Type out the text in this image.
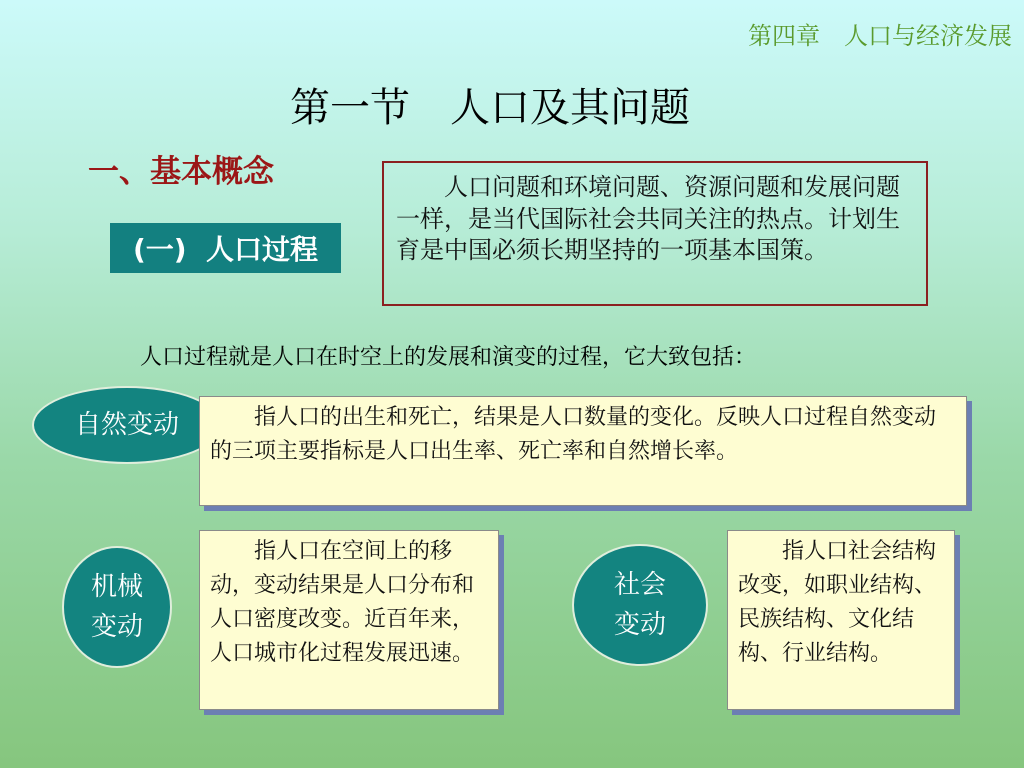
第四章　人口与经济发展
第一节　人口及其问题
一、基本概念
(一)  人口过程
人口问题和环境问题、资源问题和发展问题一样，是当代国际社会共同关注的热点。计划生育是中国必须长期坚持的一项基本国策。
人口过程就是人口在时空上的发展和演变的过程，它大致包括：
自然变动	指人口的出生和死亡，结果是人口数量的变化。反映人口过程自然变动的三项主要指标是人口出生率、死亡率和自然增长率。
机械
变动
指人口在空间上的移动，变动结果是人口分布和人口密度改变。近百年来，人口城市化过程发展迅速。
社会
变动
指人口社会结构改变，如职业结构、民族结构、文化结构、行业结构。
